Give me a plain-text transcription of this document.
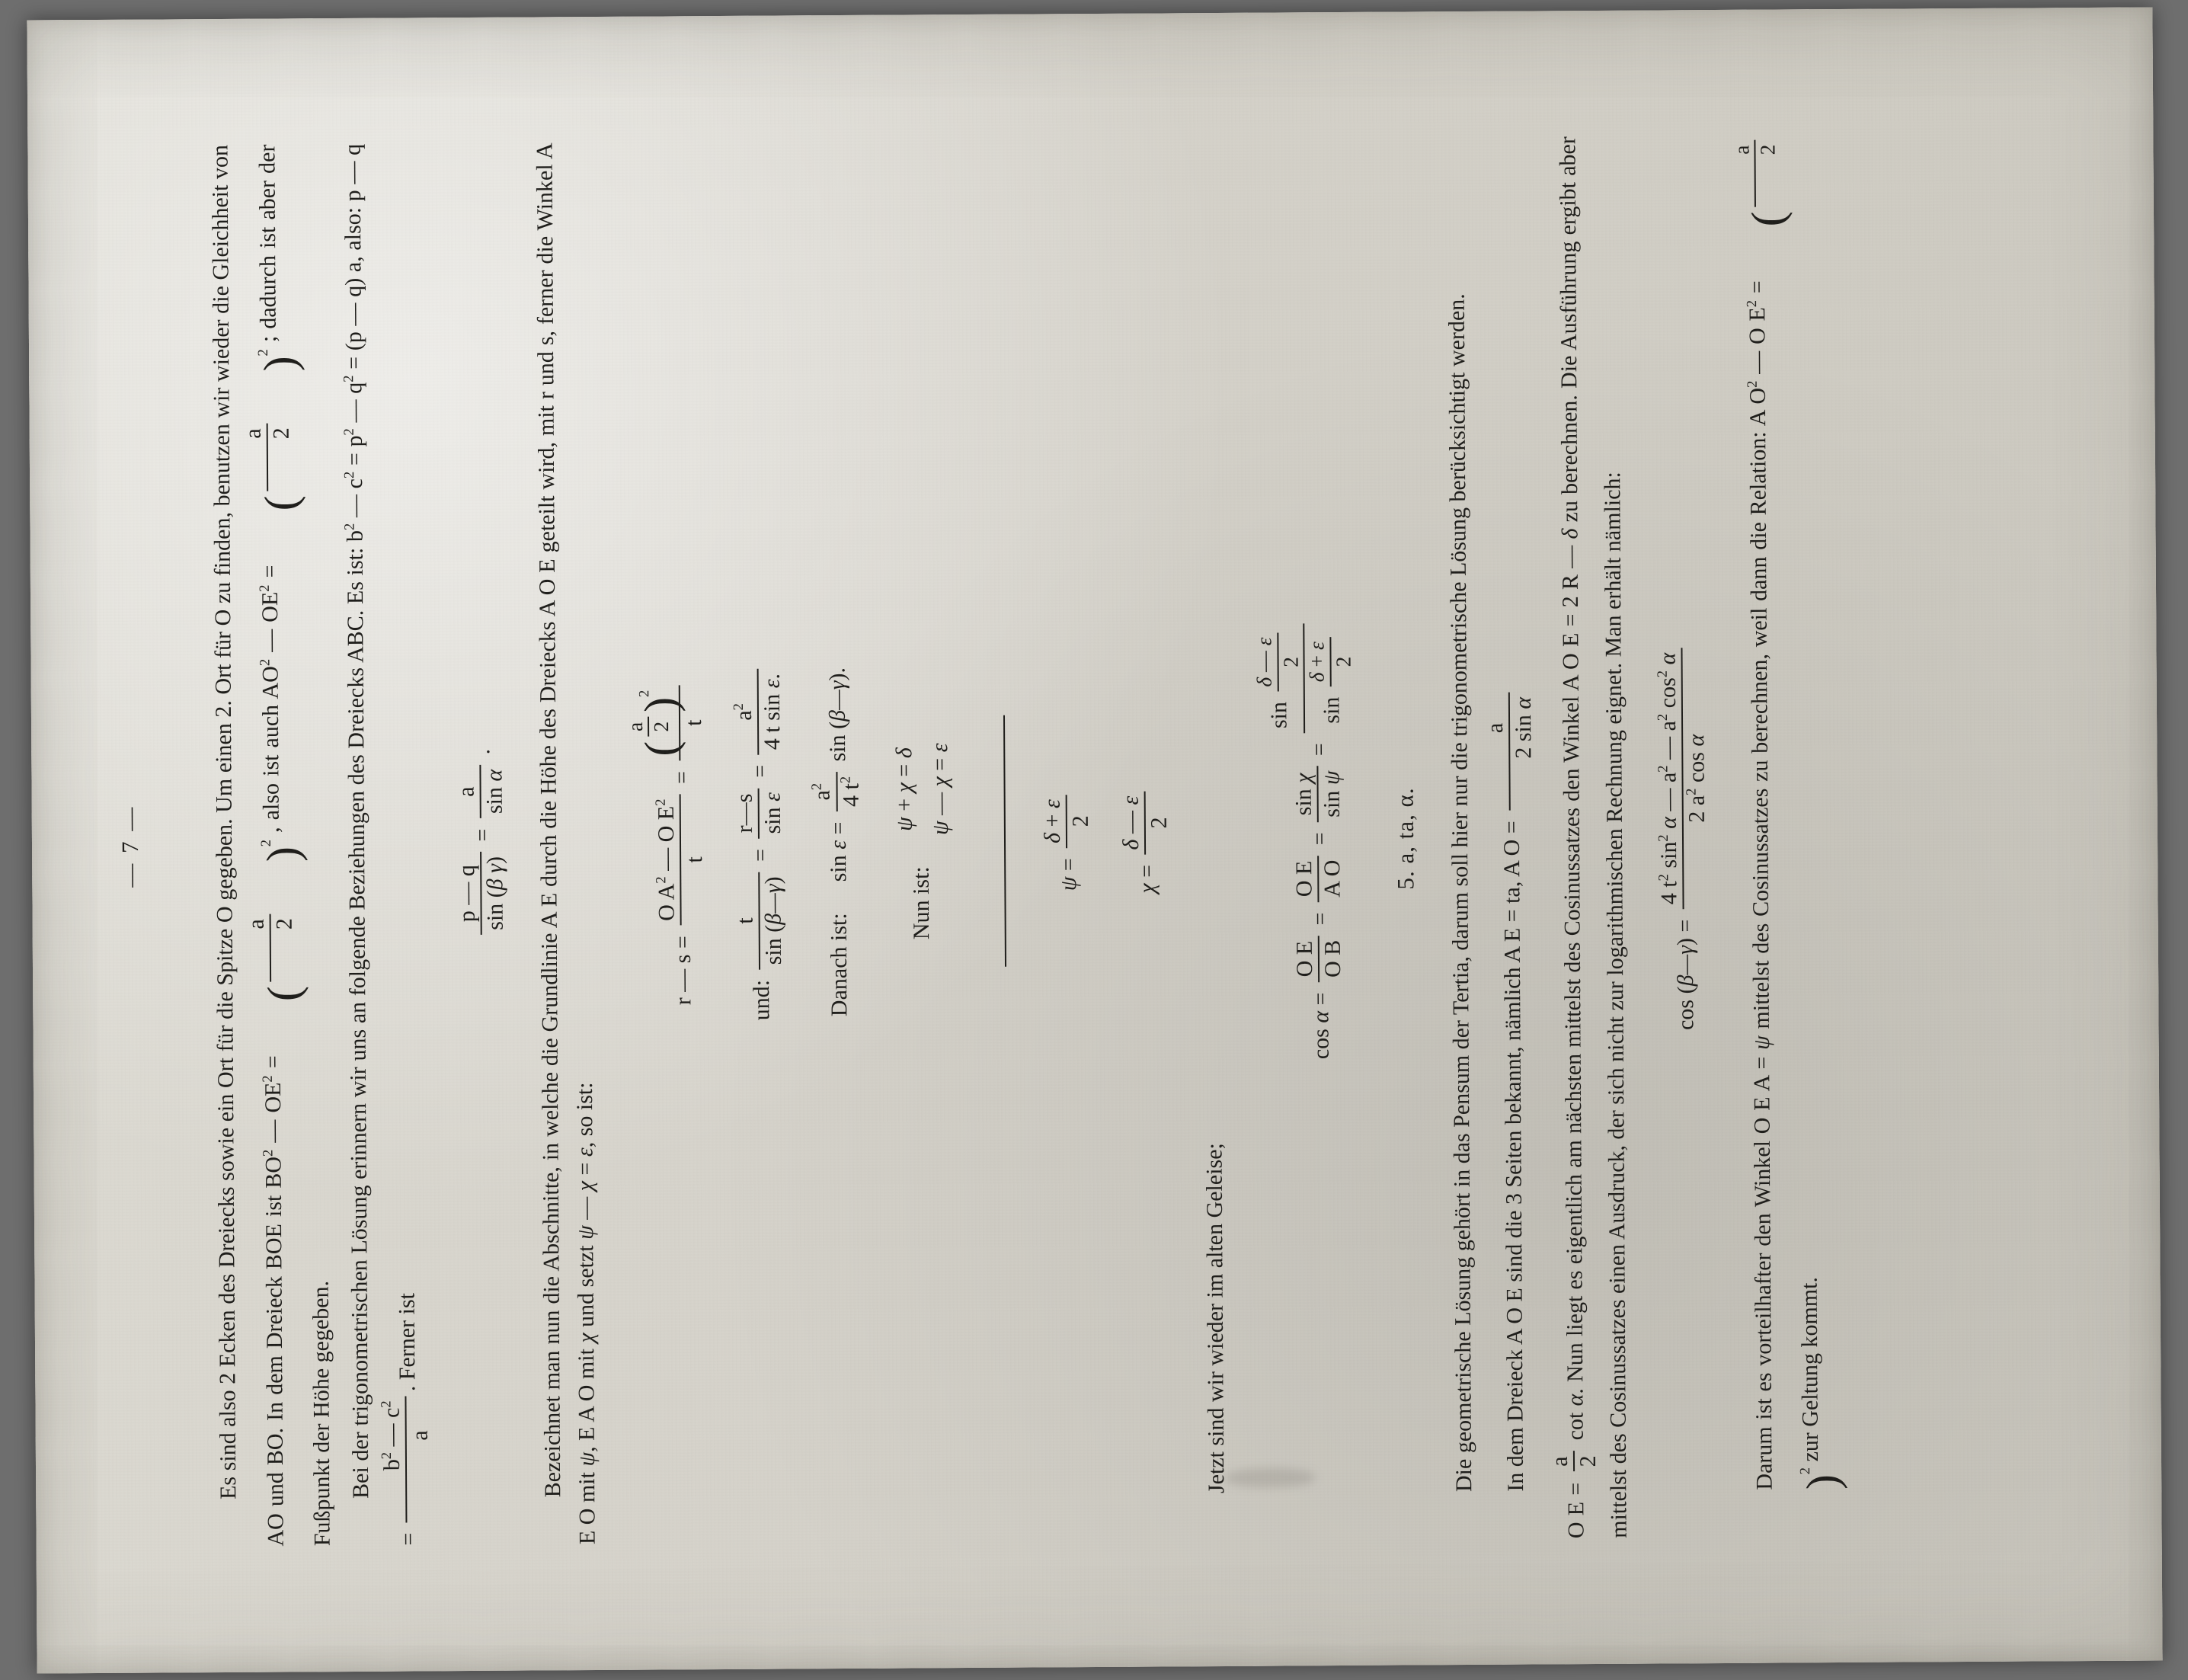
— 7 —	Es sind also 2 Ecken des Dreiecks sowie ein Ort für die Spitze O gegeben. Um einen 2. Ort für O zu finden, benutzen wir wieder die Gleichheit von AO und BO. In dem Dreieck BOE ist $BO^2$ — $OE^2$ = (
a 2
)$^2$ , also ist auch $AO^2$ — $OE^2$ = (
a 2
)$^2$ ; dadurch ist aber der Fußpunkt der Höhe gegeben. Bei der trigonometrischen Lösung erinnern wir uns an folgende Beziehungen des Dreiecks ABC. Es ist: $b^2$ — $c^2 = p^2$ — $q^2 = (p$ — q) a, also: p — q =
$b^2$ — $c^2$
a
. Ferner ist

p — q sin (β γ)
=
a sin α
.	Bezeichnet man nun die Abschnitte, in welche die Grundlinie A E durch die Höhe des Dreiecks A O E geteilt wird, mit r und s, ferner die Winkel A E O mit ψ, E A O mit χ und setzt ψ — χ = ε, so ist:

r — s =
O $A^2$ — O $E^2$
t
=
(
a 2
)$^2$
t
und:
t
sin (β—γ)
=
r—s sin ε
=
$a^2$ 4 t sin ε.
Danach ist:  sin ε =
$a^2$ 4 $t^2$
sin (β—γ).
Nun ist:
ψ + χ = δ
ψ — χ = ε
ψ =
δ + ε
2
χ =
δ — ε
2

Jetzt sind wir wieder im alten Geleise;

cos α =
O E O B
=
O E A O
=
sin χ
sin ψ
=
sin
δ — ε
2
sin
δ + ε
2
5. a, ta, α.	Die geometrische Lösung gehört in das Pensum der Tertia, darum soll hier nur die trigonometrische Lösung berücksichtigt werden. In dem Dreieck A O E sind die 3 Seiten bekannt, nämlich A E = ta, A O =
a 2 sin α

O E =
a 2
cot α. Nun liegt es eigentlich am nächsten mittelst des Cosinussatzes den Winkel A O E = 2 R — δ zu berechnen. Die Ausführung ergibt aber mittelst des Cosinussatzes einen Ausdruck, der sich nicht zur logarithmischen Rechnung eignet. Man erhält nämlich:	cos (β—γ) =
4 $t^2$ $\sin^2 \alpha$ — $a^2$ — $a^2$ $\cos^2 \alpha$
2 $a^2$ cos α

Darum ist es vorteilhafter den Winkel O E A = ψ mittelst des Cosinussatzes zu berechnen, weil dann die Relation: A $O^2$ — O $E^2$ = (
a 2
)$^2$ zur Geltung kommt.
